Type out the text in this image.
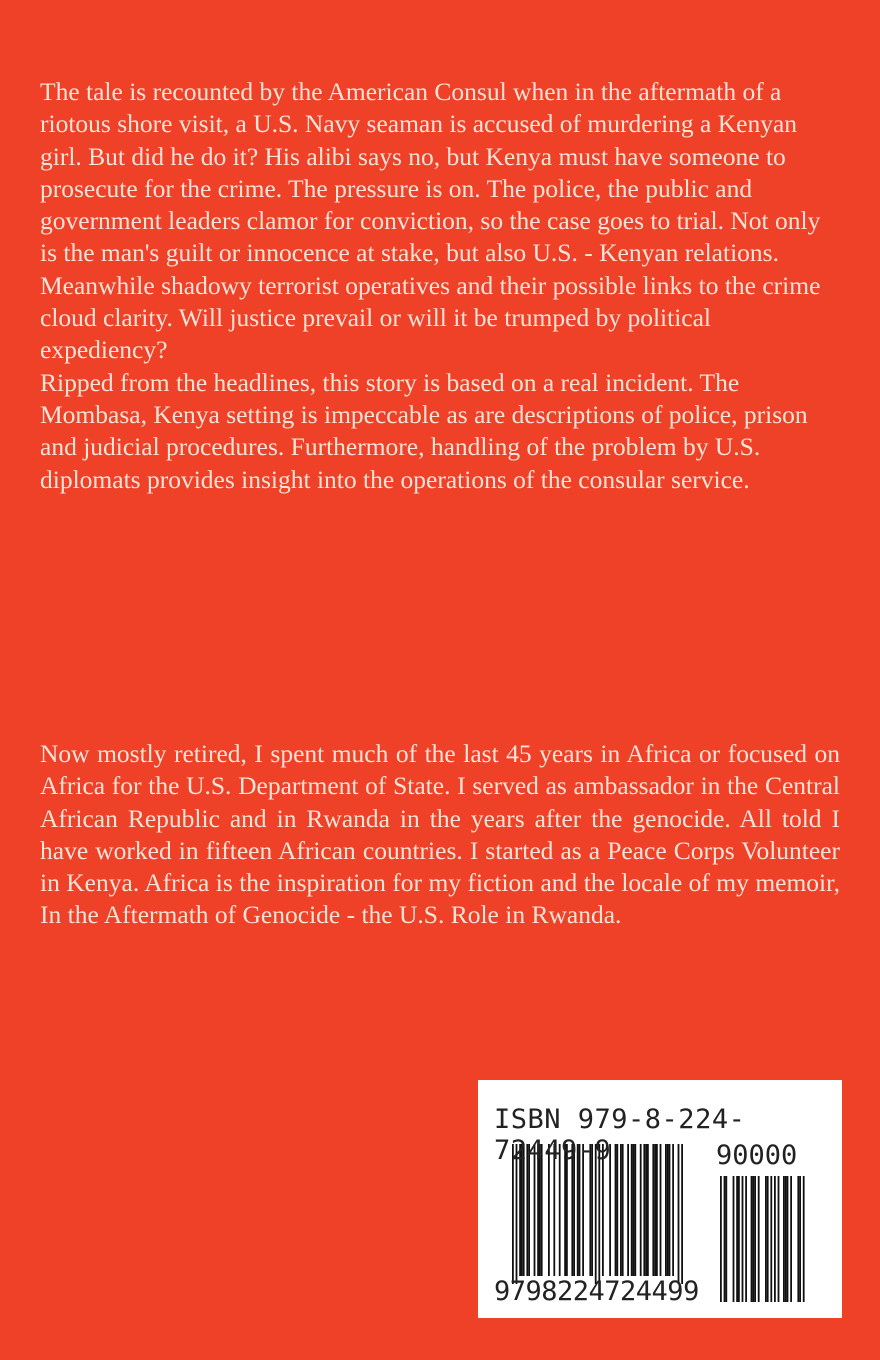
The tale is recounted by the American Consul when in the aftermath of a riotous shore visit, a U.S. Navy seaman is accused of murdering a Kenyan girl. But did he do it? His alibi says no, but Kenya must have someone to prosecute for the crime. The pressure is on. The police, the public and government leaders clamor for conviction, so the case goes to trial. Not only is the man's guilt or innocence at stake, but also U.S. - Kenyan relations. Meanwhile shadowy terrorist operatives and their possible links to the crime cloud clarity. Will justice prevail or will it be trumped by political expediency?

Ripped from the headlines, this story is based on a real incident. The Mombasa, Kenya setting is impeccable as are descriptions of police, prison and judicial procedures. Furthermore, handling of the problem by U.S. diplomats provides insight into the operations of the consular service.

Now mostly retired, I spent much of the last 45 years in Africa or focused on Africa for the U.S. Department of State. I served as ambassador in the Central African Republic and in Rwanda in the years after the genocide. All told I have worked in fifteen African countries. I started as a Peace Corps Volunteer in Kenya. Africa is the inspiration for my fiction and the locale of my memoir, In the Aftermath of Genocide - the U.S. Role in Rwanda.

ISBN 979-8-224-72449-9	90000
9798224724499
